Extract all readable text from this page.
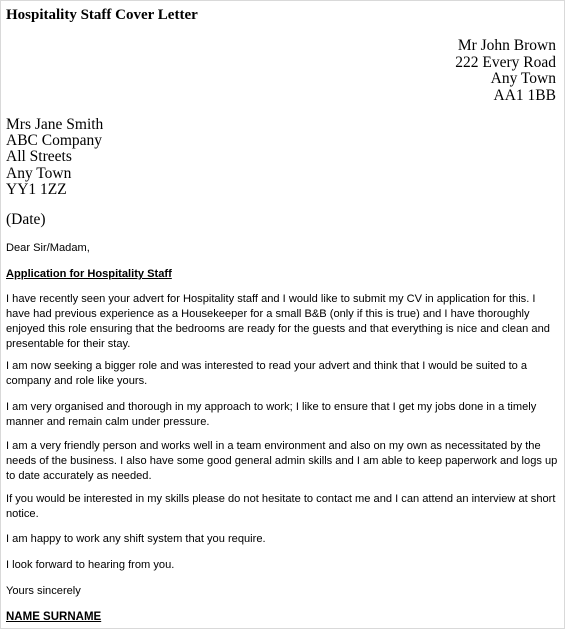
Hospitality Staff Cover Letter
Mr John Brown
222 Every Road
Any Town
AA1 1BB
Mrs Jane Smith
ABC Company
All Streets
Any Town
YY1 1ZZ
(Date)
Dear Sir/Madam,
Application for Hospitality Staff
I have recently seen your advert for Hospitality staff and I would like to submit my CV in application for this. I have had previous experience as a Housekeeper for a small B&B (only if this is true) and I have thoroughly enjoyed this role ensuring that the bedrooms are ready for the guests and that everything is nice and clean and presentable for their stay.
I am now seeking a bigger role and was interested to read your advert and think that I would be suited to a company and role like yours.
I am very organised and thorough in my approach to work; I like to ensure that I get my jobs done in a timely manner and remain calm under pressure.
I am a very friendly person and works well in a team environment and also on my own as necessitated by the needs of the business. I also have some good general admin skills and I am able to keep paperwork and logs up to date accurately as needed.
If you would be interested in my skills please do not hesitate to contact me and I can attend an interview at short notice.
I am happy to work any shift system that you require.
I look forward to hearing from you.
Yours sincerely
NAME SURNAME
